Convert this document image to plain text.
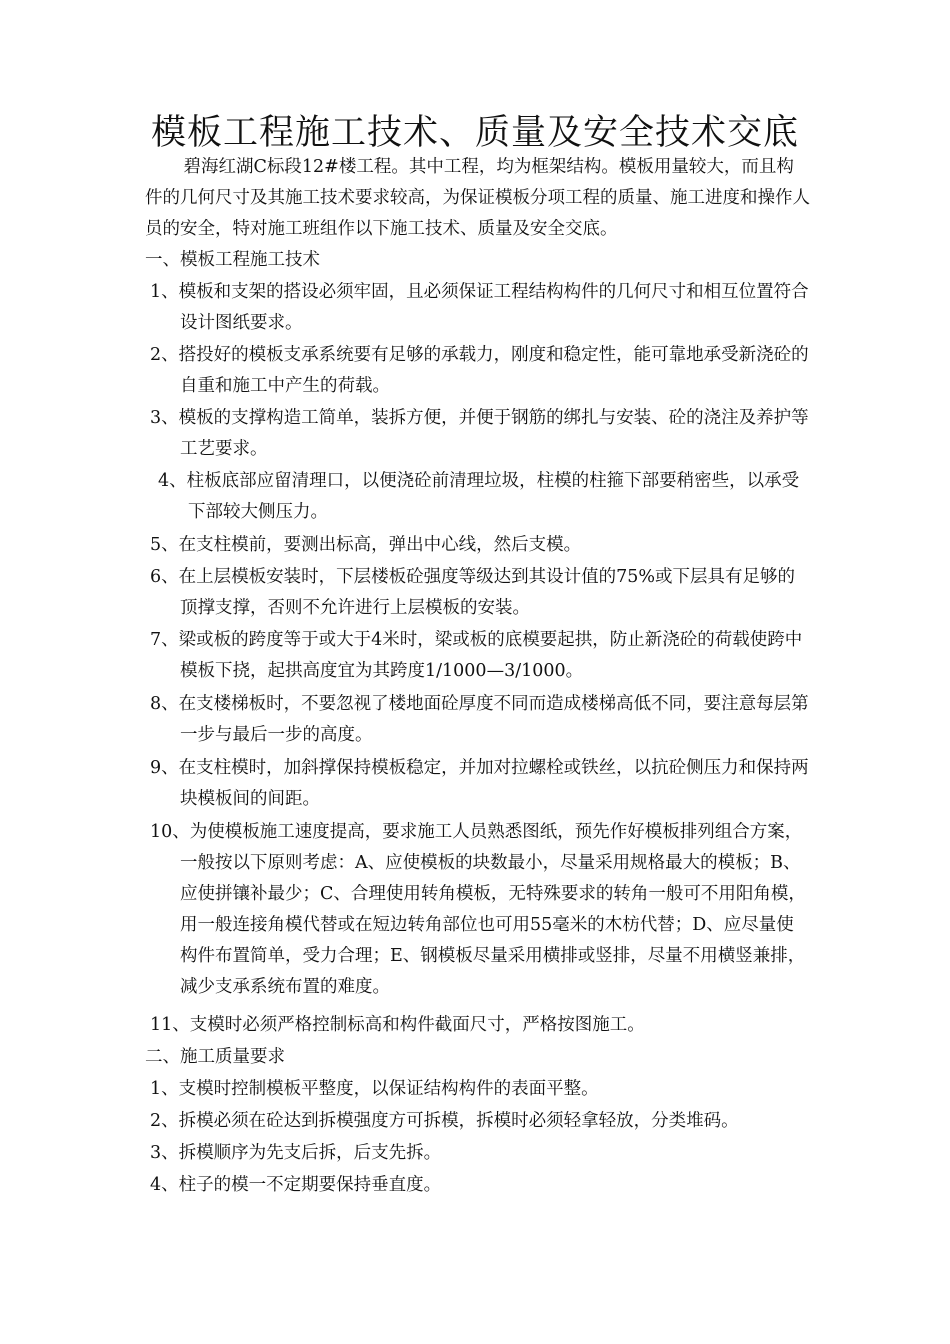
模板工程施工技术、质量及安全技术交底
碧海红湖C标段12#楼工程。其中工程，均为框架结构。模板用量较大，而且构件的几何尺寸及其施工技术要求较高，为保证模板分项工程的质量、施工进度和操作人员的安全，特对施工班组作以下施工技术、质量及安全交底。
一、模板工程施工技术
1、模板和支架的搭设必须牢固，且必须保证工程结构构件的几何尺寸和相互位置符合设计图纸要求。
2、搭投好的模板支承系统要有足够的承载力，刚度和稳定性，能可靠地承受新浇砼的自重和施工中产生的荷载。
3、模板的支撑构造工简单，装拆方便，并便于钢筋的绑扎与安装、砼的浇注及养护等工艺要求。
4、柱板底部应留清理口，以便浇砼前清理垃圾，柱模的柱箍下部要稍密些，以承受下部较大侧压力。
5、在支柱模前，要测出标高，弹出中心线，然后支模。
6、在上层模板安装时，下层楼板砼强度等级达到其设计值的75%或下层具有足够的顶撑支撑，否则不允许进行上层模板的安装。
7、梁或板的跨度等于或大于4米时，梁或板的底模要起拱，防止新浇砼的荷载使跨中模板下挠，起拱高度宜为其跨度1/1000—3/1000。
8、在支楼梯板时，不要忽视了楼地面砼厚度不同而造成楼梯高低不同，要注意每层第一步与最后一步的高度。
9、在支柱模时，加斜撑保持模板稳定，并加对拉螺栓或铁丝，以抗砼侧压力和保持两块模板间的间距。
10、为使模板施工速度提高，要求施工人员熟悉图纸，预先作好模板排列组合方案，一般按以下原则考虑：A、应使模板的块数最小，尽量采用规格最大的模板；B、应使拼镶补最少；C、合理使用转角模板，无特殊要求的转角一般可不用阳角模，用一般连接角模代替或在短边转角部位也可用55毫米的木枋代替；D、应尽量使构件布置简单，受力合理；E、钢模板尽量采用横排或竖排，尽量不用横竖兼排，减少支承系统布置的难度。
11、支模时必须严格控制标高和构件截面尺寸，严格按图施工。
二、施工质量要求
1、支模时控制模板平整度，以保证结构构件的表面平整。
2、拆模必须在砼达到拆模强度方可拆模，拆模时必须轻拿轻放，分类堆码。
3、拆模顺序为先支后拆，后支先拆。
4、柱子的模一不定期要保持垂直度。
